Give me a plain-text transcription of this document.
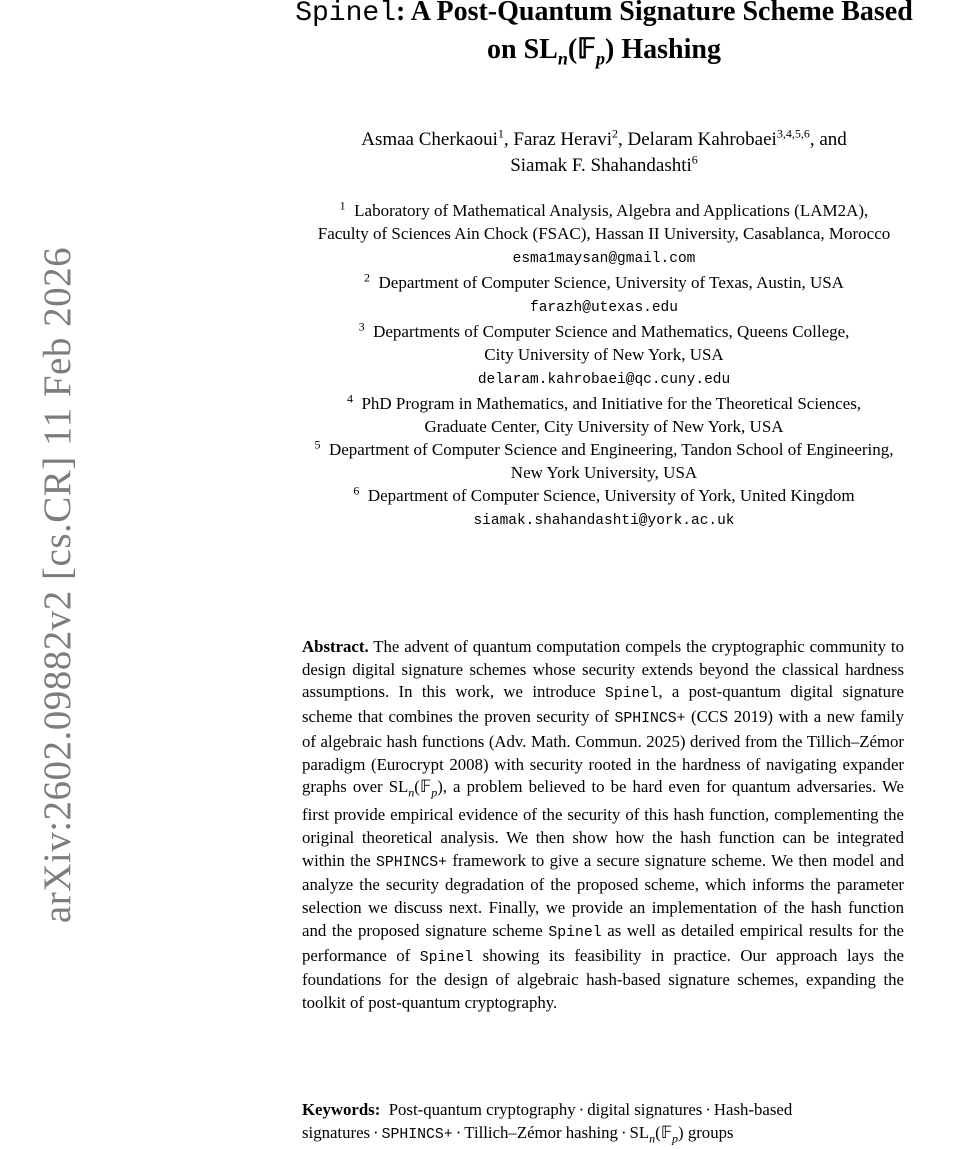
arXiv:2602.09882v2 [cs.CR] 11 Feb 2026
Spinel: A Post-Quantum Signature Scheme Based
on $SL_n(𝔽_p)$ Hashing
Asmaa Cherkaoui$^1$, Faraz Heravi$^2$, Delaram Kahrobaei$^{3,4,5,6}$, and
Siamak F. Shahandashti$^6$
$^1$ Laboratory of Mathematical Analysis, Algebra and Applications (LAM2A),
Faculty of Sciences Ain Chock (FSAC), Hassan II University, Casablanca, Morocco
esma1maysan@gmail.com
$^2$ Department of Computer Science, University of Texas, Austin, USA
farazh@utexas.edu
$^3$ Departments of Computer Science and Mathematics, Queens College,
City University of New York, USA
delaram.kahrobaei@qc.cuny.edu
$^4$ PhD Program in Mathematics, and Initiative for the Theoretical Sciences,
Graduate Center, City University of New York, USA
$^5$ Department of Computer Science and Engineering, Tandon School of Engineering,
New York University, USA
$^6$ Department of Computer Science, University of York, United Kingdom
siamak.shahandashti@york.ac.uk
Abstract. The advent of quantum computation compels the cryptographic community to design digital signature schemes whose security extends beyond the classical hardness assumptions. In this work, we introduce Spinel, a post-quantum digital signature scheme that combines the proven security of SPHINCS+ (CCS 2019) with a new family of algebraic hash functions (Adv. Math. Commun. 2025) derived from the Tillich–Zémor paradigm (Eurocrypt 2008) with security rooted in the hardness of navigating expander graphs over $SL_n(𝔽_p)$, a problem believed to be hard even for quantum adversaries. We first provide empirical evidence of the security of this hash function, complementing the original theoretical analysis. We then show how the hash function can be integrated within the SPHINCS+ framework to give a secure signature scheme. We then model and analyze the security degradation of the proposed scheme, which informs the parameter selection we discuss next. Finally, we provide an implementation of the hash function and the proposed signature scheme Spinel as well as detailed empirical results for the performance of Spinel showing its feasibility in practice. Our approach lays the foundations for the design of algebraic hash-based signature schemes, expanding the toolkit of post-quantum cryptography.
Keywords: Post-quantum cryptography · digital signatures · Hash-based signatures · SPHINCS+ · Tillich–Zémor hashing · $SL_n(𝔽_p)$ groups
